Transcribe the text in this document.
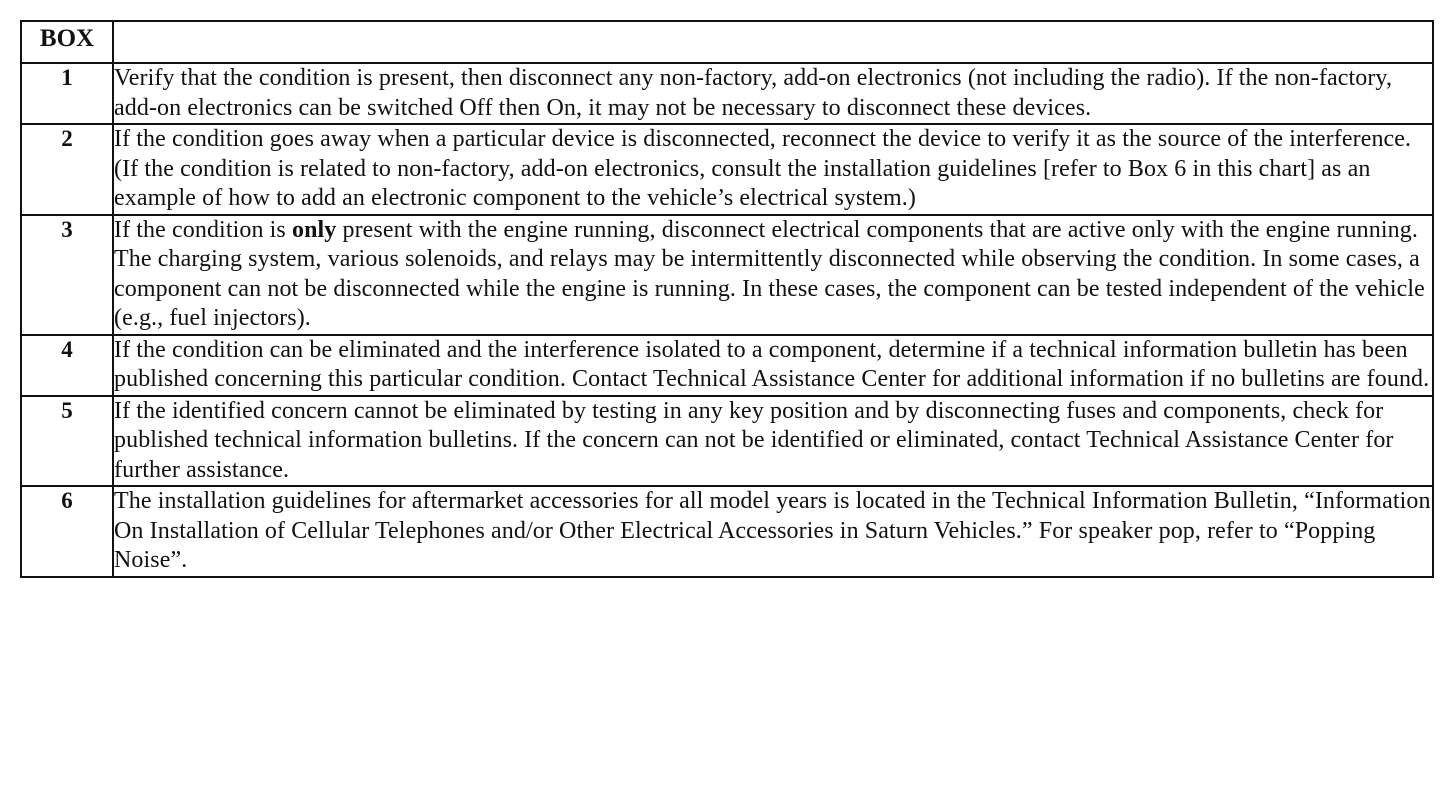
BOX	
1	Verify that the condition is present, then disconnect any non-factory, add-on electronics (not including the radio). If the non-factory, add-on electronics can be switched Off then On, it may not be necessary to disconnect these devices.
2	If the condition goes away when a particular device is disconnected, reconnect the device to verify it as the source of the interference. (If the condition is related to non-factory, add-on electronics, consult the installation guidelines [refer to Box 6 in this chart] as an example of how to add an electronic component to the vehicle’s electrical system.)
3	If the condition is only present with the engine running, disconnect electrical components that are active only with the engine running. The charging system, various solenoids, and relays may be intermittently disconnected while observing the condition. In some cases, a component can not be disconnected while the engine is running. In these cases, the component can be tested independent of the vehicle (e.g., fuel injectors).
4	If the condition can be eliminated and the interference isolated to a component, determine if a technical information bulletin has been published concerning this particular condition. Contact Technical Assistance Center for additional information if no bulletins are found.
5	If the identified concern cannot be eliminated by testing in any key position and by disconnecting fuses and components, check for published technical information bulletins. If the concern can not be identified or eliminated, contact Technical Assistance Center for further assistance.
6	The installation guidelines for aftermarket accessories for all model years is located in the Technical Information Bulletin, “Information On Installation of Cellular Telephones and/or Other Electrical Accessories in Saturn Vehicles.” For speaker pop, refer to “Popping Noise”.
